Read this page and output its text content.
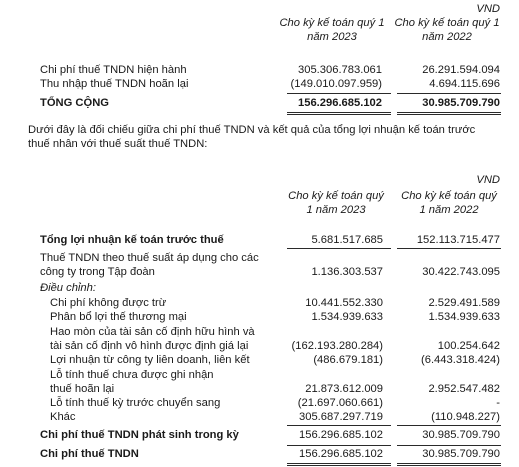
VND
Cho kỳ kế toán quý 1
năm 2023
Cho kỳ kế toán quý 1
năm 2022
Chi phí thuế TNDN hiện hành	305.306.783.061	26.291.594.094
Thu nhập thuế TNDN hoãn lại	(149.010.097.959)	4.694.115.696
TỔNG CỘNG	156.296.685.102	30.985.709.790
Dưới đây là đối chiếu giữa chi phí thuế TNDN và kết quả của tổng lợi nhuận kế toán trước
thuế nhân với thuế suất thuế TNDN:
VND
Cho kỳ kế toán quý
1 năm 2023
Cho kỳ kế toán quý
1 năm 2022
Tổng lợi nhuận kế toán trước thuế	5.681.517.685	152.113.715.477
Thuế TNDN theo thuế suất áp dụng cho các
công ty trong Tập đoàn	1.136.303.537	30.422.743.095
Điều chỉnh:
Chi phí không được trừ	10.441.552.330	2.529.491.589
Phân bổ lợi thế thương mại	1.534.939.633	1.534.939.633
Hao mòn của tài sản cố định hữu hình và
tài sản cố định vô hình được định giá lại	(162.193.280.284)	100.254.642
Lợi nhuận từ công ty liên doanh, liên kết	(486.679.181)	(6.443.318.424)
Lỗ tính thuế chưa được ghi nhận
thuế hoãn lại	21.873.612.009	2.952.547.482
Lỗ tính thuế kỳ trước chuyển sang	(21.697.060.661)	-
Khác	305.687.297.719	(110.948.227)
Chi phí thuế TNDN phát sinh trong kỳ	156.296.685.102	30.985.709.790
Chi phí thuế TNDN	156.296.685.102	30.985.709.790
